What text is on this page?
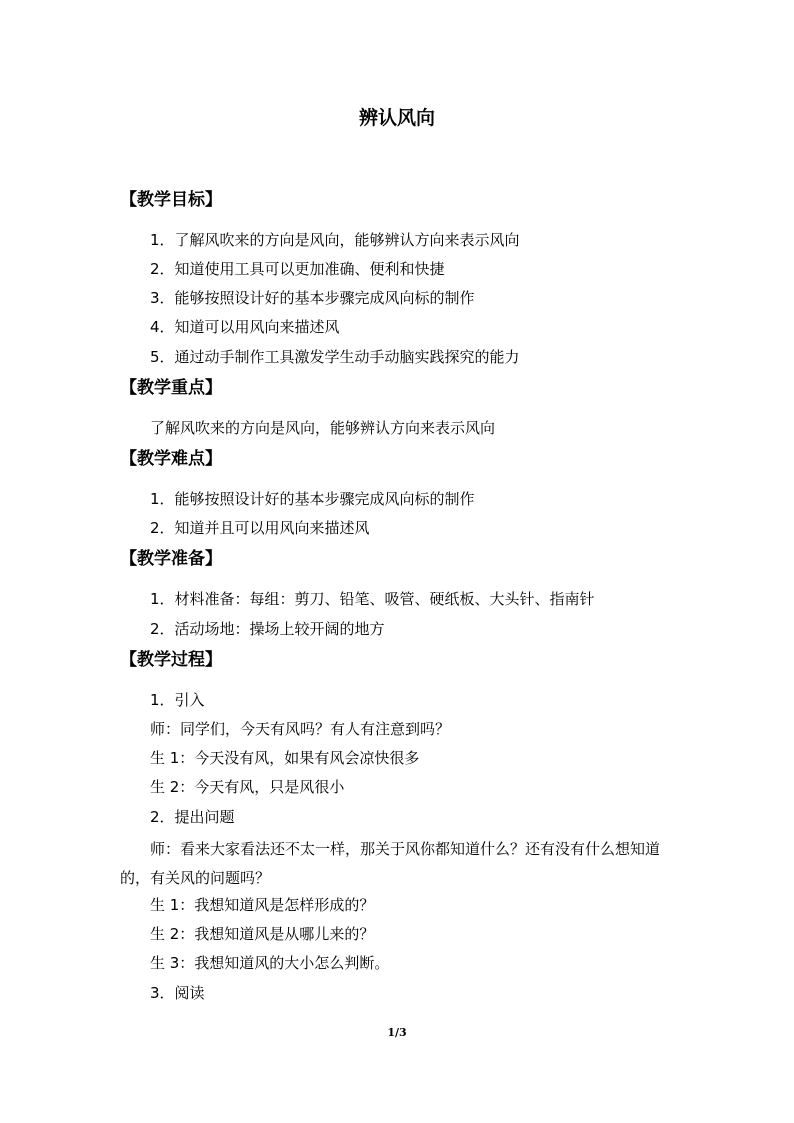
辨认风向
【教学目标】
1．了解风吹来的方向是风向，能够辨认方向来表示风向
2．知道使用工具可以更加准确、便利和快捷
3．能够按照设计好的基本步骤完成风向标的制作
4．知道可以用风向来描述风
5．通过动手制作工具激发学生动手动脑实践探究的能力
【教学重点】
了解风吹来的方向是风向，能够辨认方向来表示风向
【教学难点】
1．能够按照设计好的基本步骤完成风向标的制作
2．知道并且可以用风向来描述风
【教学准备】
1．材料准备：每组：剪刀、铅笔、吸管、硬纸板、大头针、指南针
2．活动场地：操场上较开阔的地方
【教学过程】
1．引入
师：同学们，今天有风吗？有人有注意到吗？
生 1：今天没有风，如果有风会凉快很多
生 2：今天有风，只是风很小
2．提出问题
师：看来大家看法还不太一样，那关于风你都知道什么？还有没有什么想知道的，有关风的问题吗？
生 1：我想知道风是怎样形成的？
生 2：我想知道风是从哪儿来的？
生 3：我想知道风的大小怎么判断。
3．阅读
1/3
